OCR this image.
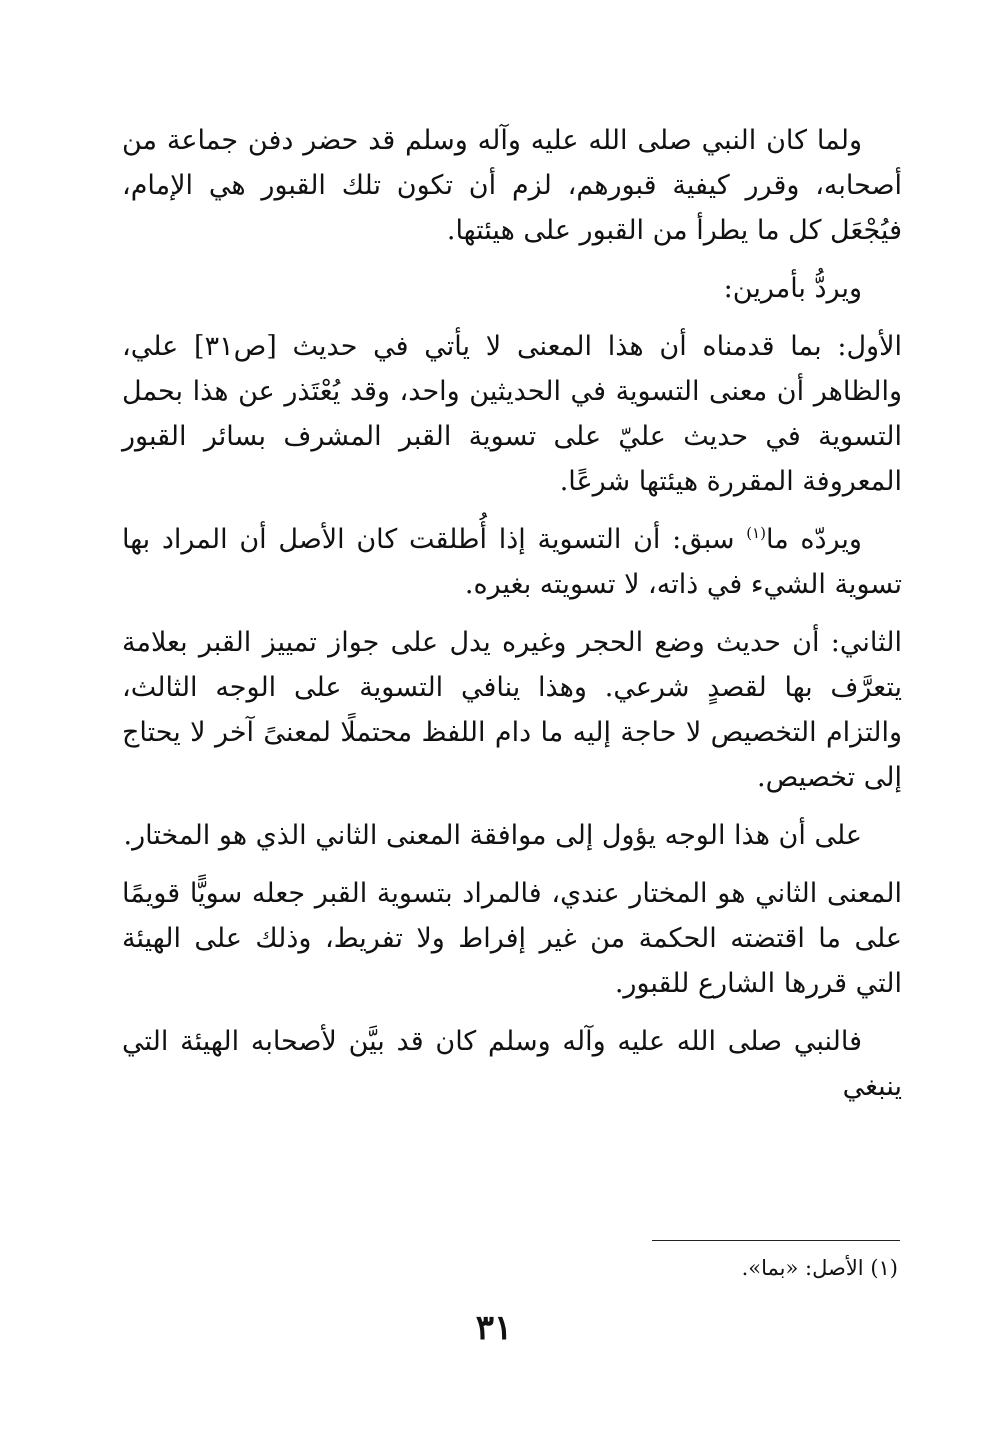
ولما كان النبي صلى الله عليه وآله وسلم قد حضر دفن جماعة من أصحابه، وقرر كيفية قبورهم، لزم أن تكون تلك القبور هي الإمام، فيُجْعَل كل ما يطرأ من القبور على هيئتها.

ويردُّ بأمرين:

الأول: بما قدمناه أن هذا المعنى لا يأتي في حديث [ص٣١] علي، والظاهر أن معنى التسوية في الحديثين واحد، وقد يُعْتَذر عن هذا بحمل التسوية في حديث عليّ على تسوية القبر المشرف بسائر القبور المعروفة المقررة هيئتها شرعًا.

ويردّه ما$^{(١)}$ سبق: أن التسوية إذا أُطلقت كان الأصل أن المراد بها تسوية الشيء في ذاته، لا تسويته بغيره.

الثاني: أن حديث وضع الحجر وغيره يدل على جواز تمييز القبر بعلامة يتعرَّف بها لقصدٍ شرعي. وهذا ينافي التسوية على الوجه الثالث، والتزام التخصيص لا حاجة إليه ما دام اللفظ محتملًا لمعنىً آخر لا يحتاج إلى تخصيص.

على أن هذا الوجه يؤول إلى موافقة المعنى الثاني الذي هو المختار.

المعنى الثاني هو المختار عندي، فالمراد بتسوية القبر جعله سويًّا قويمًا على ما اقتضته الحكمة من غير إفراط ولا تفريط، وذلك على الهيئة التي قررها الشارع للقبور.

فالنبي صلى الله عليه وآله وسلم كان قد بيَّن لأصحابه الهيئة التي ينبغي

(١) الأصل: «بما».
٣١
